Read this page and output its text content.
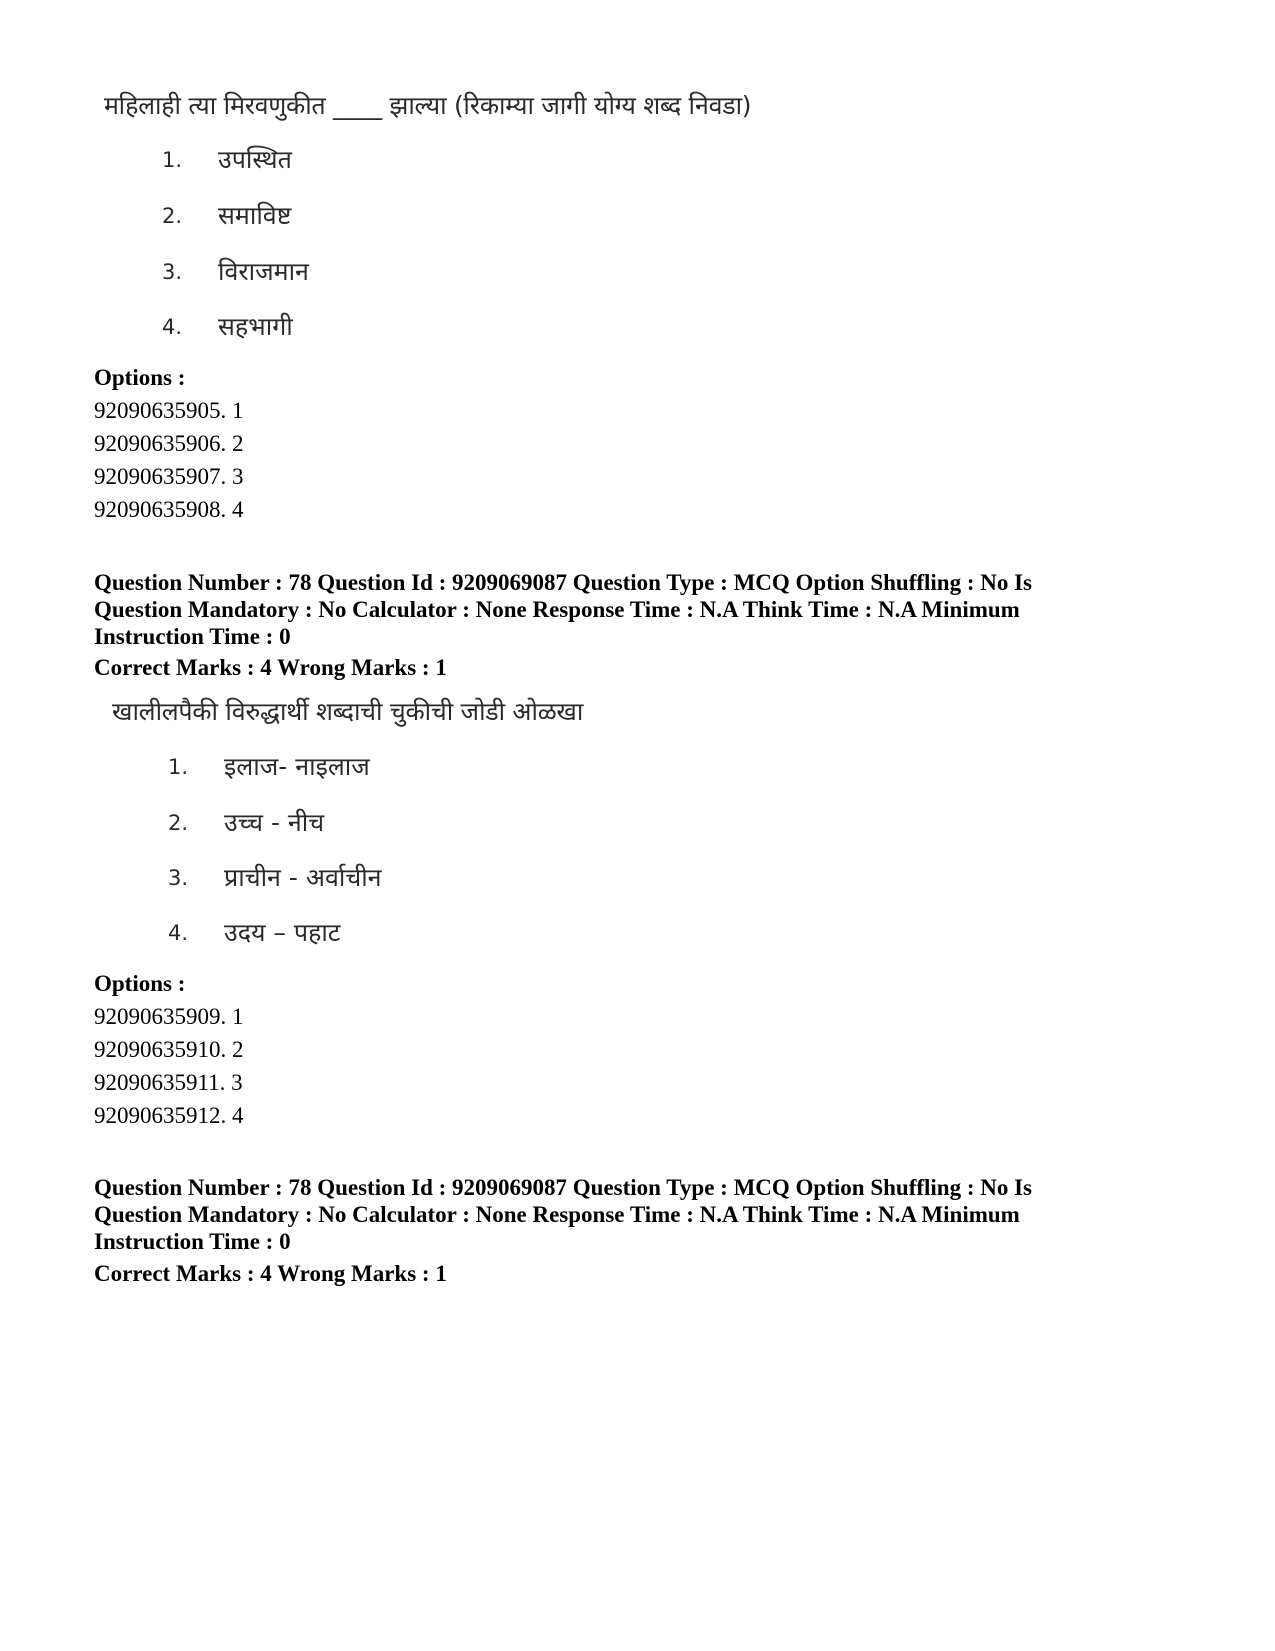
महिलाही त्या मिरवणुकीत ____ झाल्या (रिकाम्या जागी योग्य शब्द निवडा)
1. उपस्थित
2. समाविष्ट
3. विराजमान
4. सहभागी
Options :
92090635905. 1
92090635906. 2
92090635907. 3
92090635908. 4
Question Number : 78 Question Id : 9209069087 Question Type : MCQ Option Shuffling : No Is
Question Mandatory : No Calculator : None Response Time : N.A Think Time : N.A Minimum
Instruction Time : 0
Correct Marks : 4 Wrong Marks : 1
खालीलपैकी विरुद्धार्थी शब्दाची चुकीची जोडी ओळखा
1. इलाज- नाइलाज
2. उच्च - नीच
3. प्राचीन - अर्वाचीन
4. उदय – पहाट
Options :
92090635909. 1
92090635910. 2
92090635911. 3
92090635912. 4
Question Number : 78 Question Id : 9209069087 Question Type : MCQ Option Shuffling : No Is
Question Mandatory : No Calculator : None Response Time : N.A Think Time : N.A Minimum
Instruction Time : 0
Correct Marks : 4 Wrong Marks : 1
